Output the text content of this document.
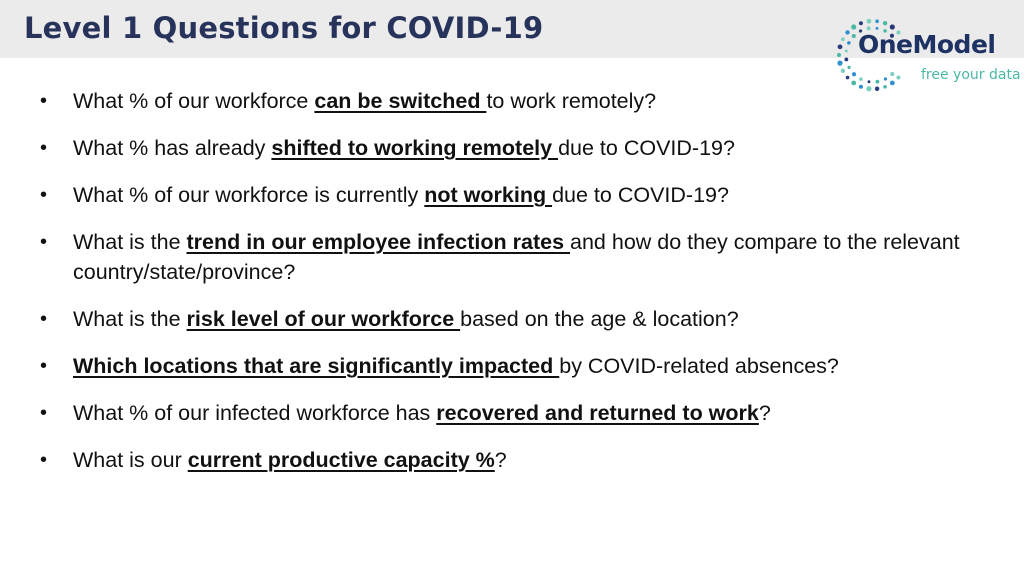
Level 1 Questions for COVID-19	OneModel
free your data
• What % of our workforce can be switched to work remotely?
• What % has already shifted to working remotely due to COVID-19?
• What % of our workforce is currently not working due to COVID-19?
• What is the trend in our employee infection rates and how do they compare to the relevant country/state/province?
• What is the risk level of our workforce based on the age & location?
• Which locations that are significantly impacted by COVID-related absences?
• What % of our infected workforce has recovered and returned to work?
• What is our current productive capacity %?
